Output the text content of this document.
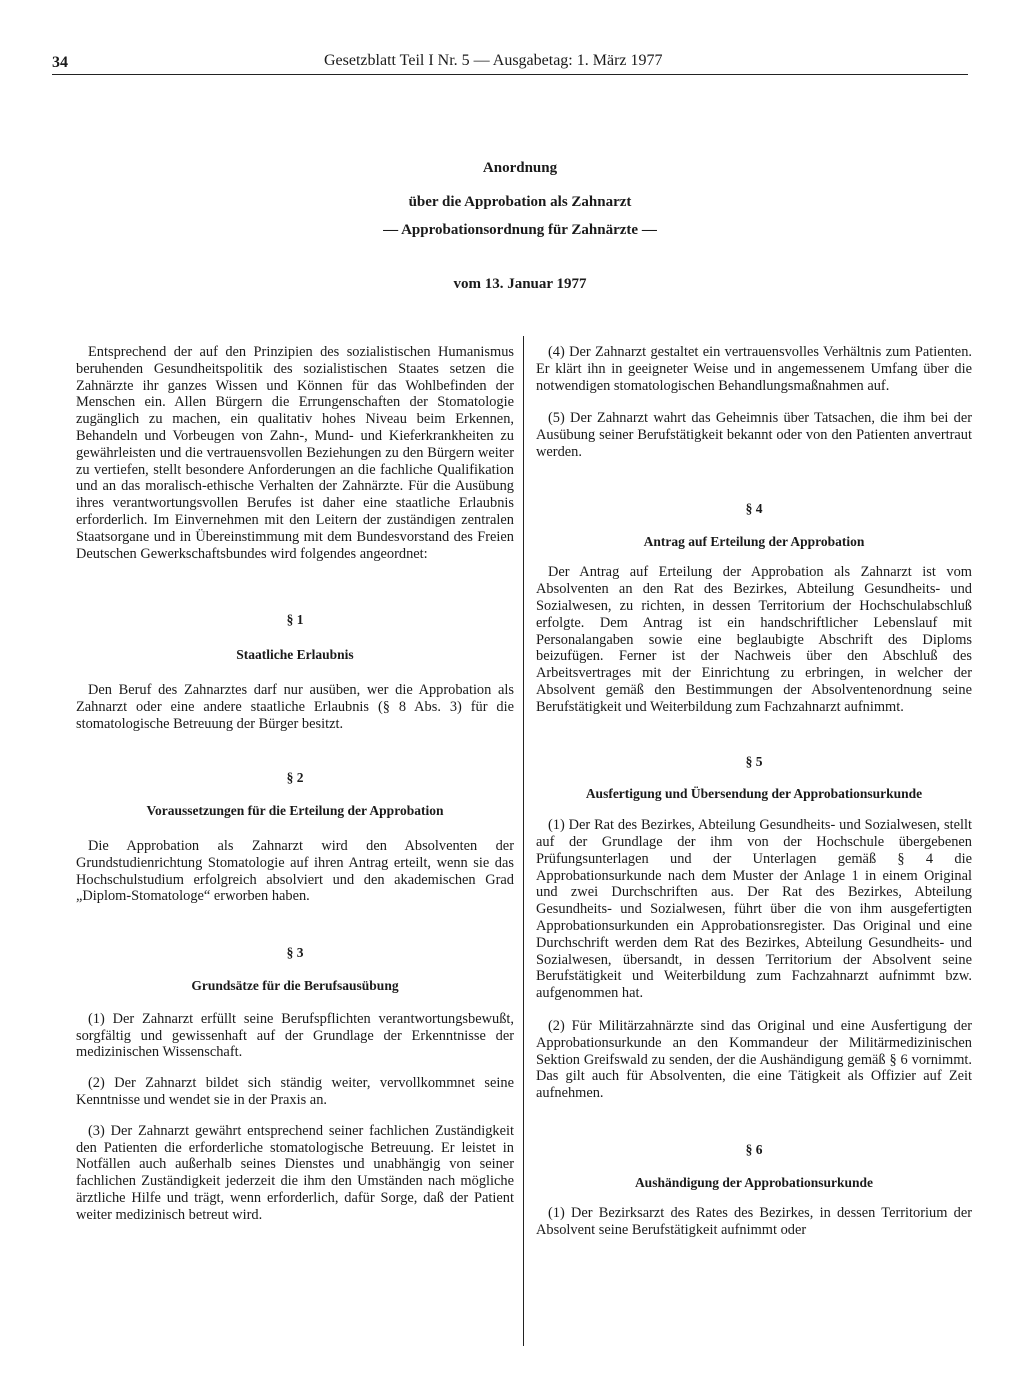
34	Gesetzblatt Teil I Nr. 5 — Ausgabetag: 1. März 1977
Anordnung
über die Approbation als Zahnarzt
— Approbationsordnung für Zahnärzte —
vom 13. Januar 1977

Entsprechend der auf den Prinzipien des sozialistischen Humanismus beruhenden Gesundheitspolitik des sozialistischen Staates setzen die Zahnärzte ihr ganzes Wissen und Können für das Wohlbefinden der Menschen ein. Allen Bürgern die Errungenschaften der Stomatologie zugänglich zu machen, ein qualitativ hohes Niveau beim Erkennen, Behandeln und Vorbeugen von Zahn-, Mund- und Kieferkrankheiten zu gewährleisten und die vertrauensvollen Beziehungen zu den Bürgern weiter zu vertiefen, stellt besondere Anforderungen an die fachliche Qualifikation und an das moralisch-ethische Verhalten der Zahnärzte. Für die Ausübung ihres verantwortungsvollen Berufes ist daher eine staatliche Erlaubnis erforderlich. Im Einvernehmen mit den Leitern der zuständigen zentralen Staatsorgane und in Übereinstimmung mit dem Bundesvorstand des Freien Deutschen Gewerkschaftsbundes wird folgendes angeordnet:

§ 1

Staatliche Erlaubnis

Den Beruf des Zahnarztes darf nur ausüben, wer die Approbation als Zahnarzt oder eine andere staatliche Erlaubnis (§ 8 Abs. 3) für die stomatologische Betreuung der Bürger besitzt.

§ 2

Voraussetzungen für die Erteilung der Approbation

Die Approbation als Zahnarzt wird den Absolventen der Grundstudienrichtung Stomatologie auf ihren Antrag erteilt, wenn sie das Hochschulstudium erfolgreich absolviert und den akademischen Grad „Diplom-Stomatologe“ erworben haben.

§ 3

Grundsätze für die Berufsausübung

(1) Der Zahnarzt erfüllt seine Berufspflichten verantwortungsbewußt, sorgfältig und gewissenhaft auf der Grundlage der Erkenntnisse der medizinischen Wissenschaft.

(2) Der Zahnarzt bildet sich ständig weiter, vervollkommnet seine Kenntnisse und wendet sie in der Praxis an.

(3) Der Zahnarzt gewährt entsprechend seiner fachlichen Zuständigkeit den Patienten die erforderliche stomatologische Betreuung. Er leistet in Notfällen auch außerhalb seines Dienstes und unabhängig von seiner fachlichen Zuständigkeit jederzeit die ihm den Umständen nach mögliche ärztliche Hilfe und trägt, wenn erforderlich, dafür Sorge, daß der Patient weiter medizinisch betreut wird.

(4) Der Zahnarzt gestaltet ein vertrauensvolles Verhältnis zum Patienten. Er klärt ihn in geeigneter Weise und in angemessenem Umfang über die notwendigen stomatologischen Behandlungsmaßnahmen auf.

(5) Der Zahnarzt wahrt das Geheimnis über Tatsachen, die ihm bei der Ausübung seiner Berufstätigkeit bekannt oder von den Patienten anvertraut werden.

§ 4

Antrag auf Erteilung der Approbation

Der Antrag auf Erteilung der Approbation als Zahnarzt ist vom Absolventen an den Rat des Bezirkes, Abteilung Gesundheits- und Sozialwesen, zu richten, in dessen Territorium der Hochschulabschluß erfolgte. Dem Antrag ist ein handschriftlicher Lebenslauf mit Personalangaben sowie eine beglaubigte Abschrift des Diploms beizufügen. Ferner ist der Nachweis über den Abschluß des Arbeitsvertrages mit der Einrichtung zu erbringen, in welcher der Absolvent gemäß den Bestimmungen der Absolventenordnung seine Berufstätigkeit und Weiterbildung zum Fachzahnarzt aufnimmt.

§ 5

Ausfertigung und Übersendung der Approbationsurkunde

(1) Der Rat des Bezirkes, Abteilung Gesundheits- und Sozialwesen, stellt auf der Grundlage der ihm von der Hochschule übergebenen Prüfungsunterlagen und der Unterlagen gemäß § 4 die Approbationsurkunde nach dem Muster der Anlage 1 in einem Original und zwei Durchschriften aus. Der Rat des Bezirkes, Abteilung Gesundheits- und Sozialwesen, führt über die von ihm ausgefertigten Approbationsurkunden ein Approbationsregister. Das Original und eine Durchschrift werden dem Rat des Bezirkes, Abteilung Gesundheits- und Sozialwesen, übersandt, in dessen Territorium der Absolvent seine Berufstätigkeit und Weiterbildung zum Fachzahnarzt aufnimmt bzw. aufgenommen hat.

(2) Für Militärzahnärzte sind das Original und eine Ausfertigung der Approbationsurkunde an den Kommandeur der Militärmedizinischen Sektion Greifswald zu senden, der die Aushändigung gemäß § 6 vornimmt. Das gilt auch für Absolventen, die eine Tätigkeit als Offizier auf Zeit aufnehmen.

§ 6

Aushändigung der Approbationsurkunde

(1) Der Bezirksarzt des Rates des Bezirkes, in dessen Territorium der Absolvent seine Berufstätigkeit aufnimmt oder
